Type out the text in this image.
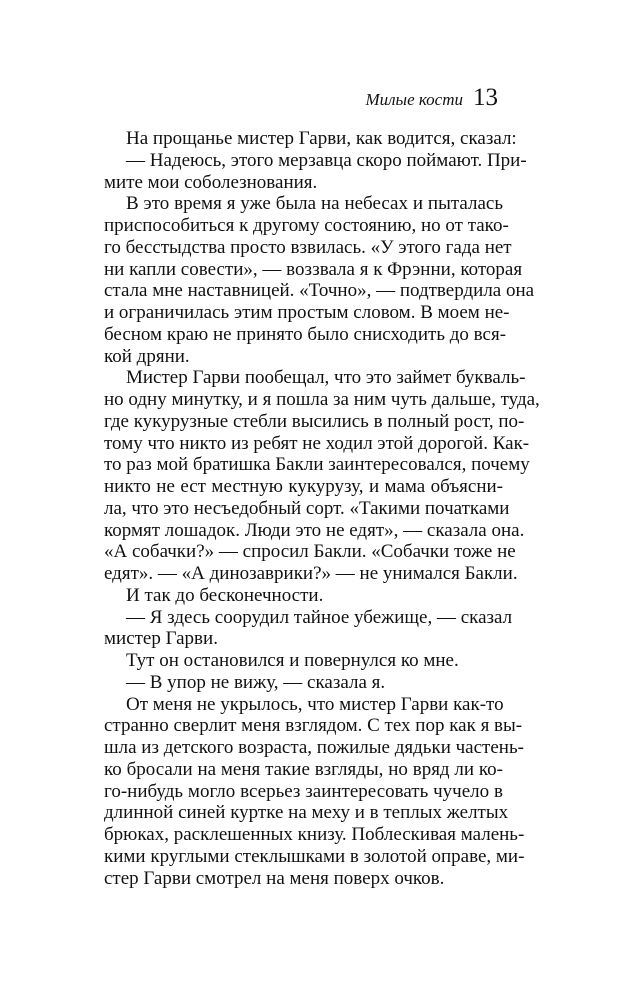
Милые кости 13
На прощанье мистер Гарви, как водится, сказал:
— Надеюсь, этого мерзавца скоро поймают. При-
мите мои соболезнования.
В это время я уже была на небесах и пыталась
приспособиться к другому состоянию, но от тако-
го бесстыдства просто взвилась. «У этого гада нет
ни капли совести», — воззвала я к Фрэнни, которая
стала мне наставницей. «Точно», — подтвердила она
и ограничилась этим простым словом. В моем не-
бесном краю не принято было снисходить до вся-
кой дряни.
Мистер Гарви пообещал, что это займет букваль-
но одну минутку, и я пошла за ним чуть дальше, туда,
где кукурузные стебли высились в полный рост, по-
тому что никто из ребят не ходил этой дорогой. Как-
то раз мой братишка Бакли заинтересовался, почему
никто не ест местную кукурузу, и мама объясни-
ла, что это несъедобный сорт. «Такими початками
кормят лошадок. Люди это не едят», — сказала она.
«А собачки?» — спросил Бакли. «Собачки тоже не
едят». — «А динозаврики?» — не унимался Бакли.
И так до бесконечности.
— Я здесь соорудил тайное убежище, — сказал
мистер Гарви.
Тут он остановился и повернулся ко мне.
— В упор не вижу, — сказала я.
От меня не укрылось, что мистер Гарви как-то
странно сверлит меня взглядом. С тех пор как я вы-
шла из детского возраста, пожилые дядьки частень-
ко бросали на меня такие взгляды, но вряд ли ко-
го-нибудь могло всерьез заинтересовать чучело в
длинной синей куртке на меху и в теплых желтых
брюках, расклешенных книзу. Поблескивая малень-
кими круглыми стеклышками в золотой оправе, ми-
стер Гарви смотрел на меня поверх очков.
